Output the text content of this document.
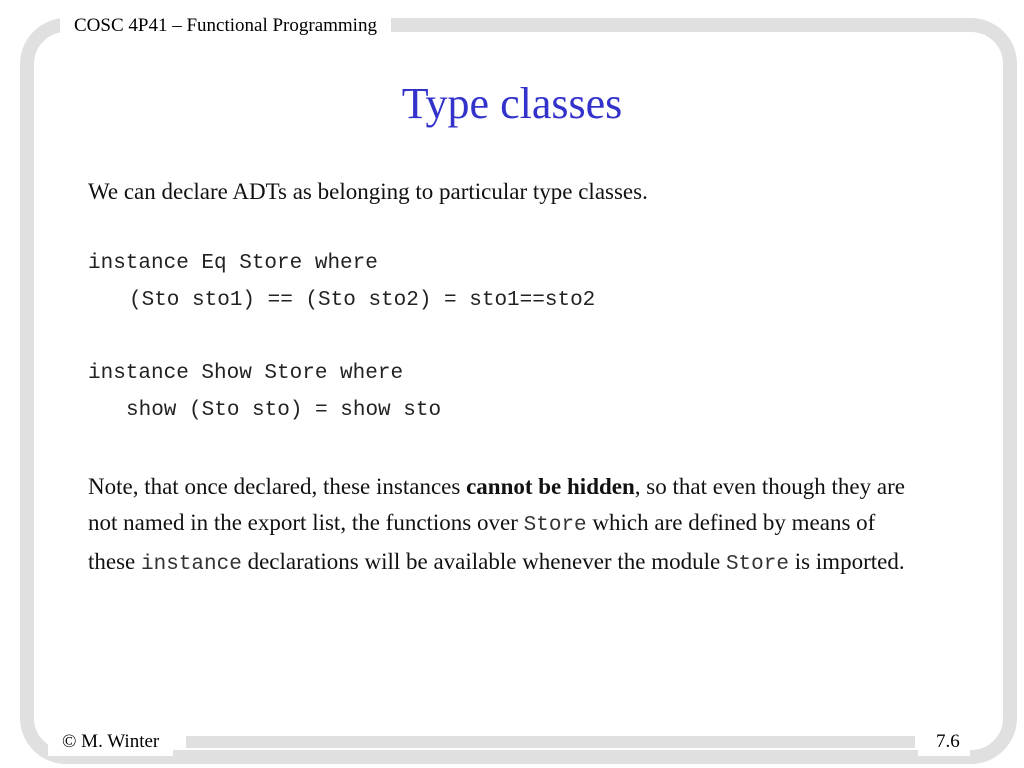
COSC 4P41 – Functional Programming
Type classes
We can declare ADTs as belonging to particular type classes.
instance Eq Store where
(Sto sto1) == (Sto sto2) = sto1==sto2
instance Show Store where
show (Sto sto) = show sto
Note, that once declared, these instances cannot be hidden, so that even though they are not named in the export list, the functions over Store which are defined by means of these instance declarations will be available whenever the module Store is imported.
© M. Winter	7.6
